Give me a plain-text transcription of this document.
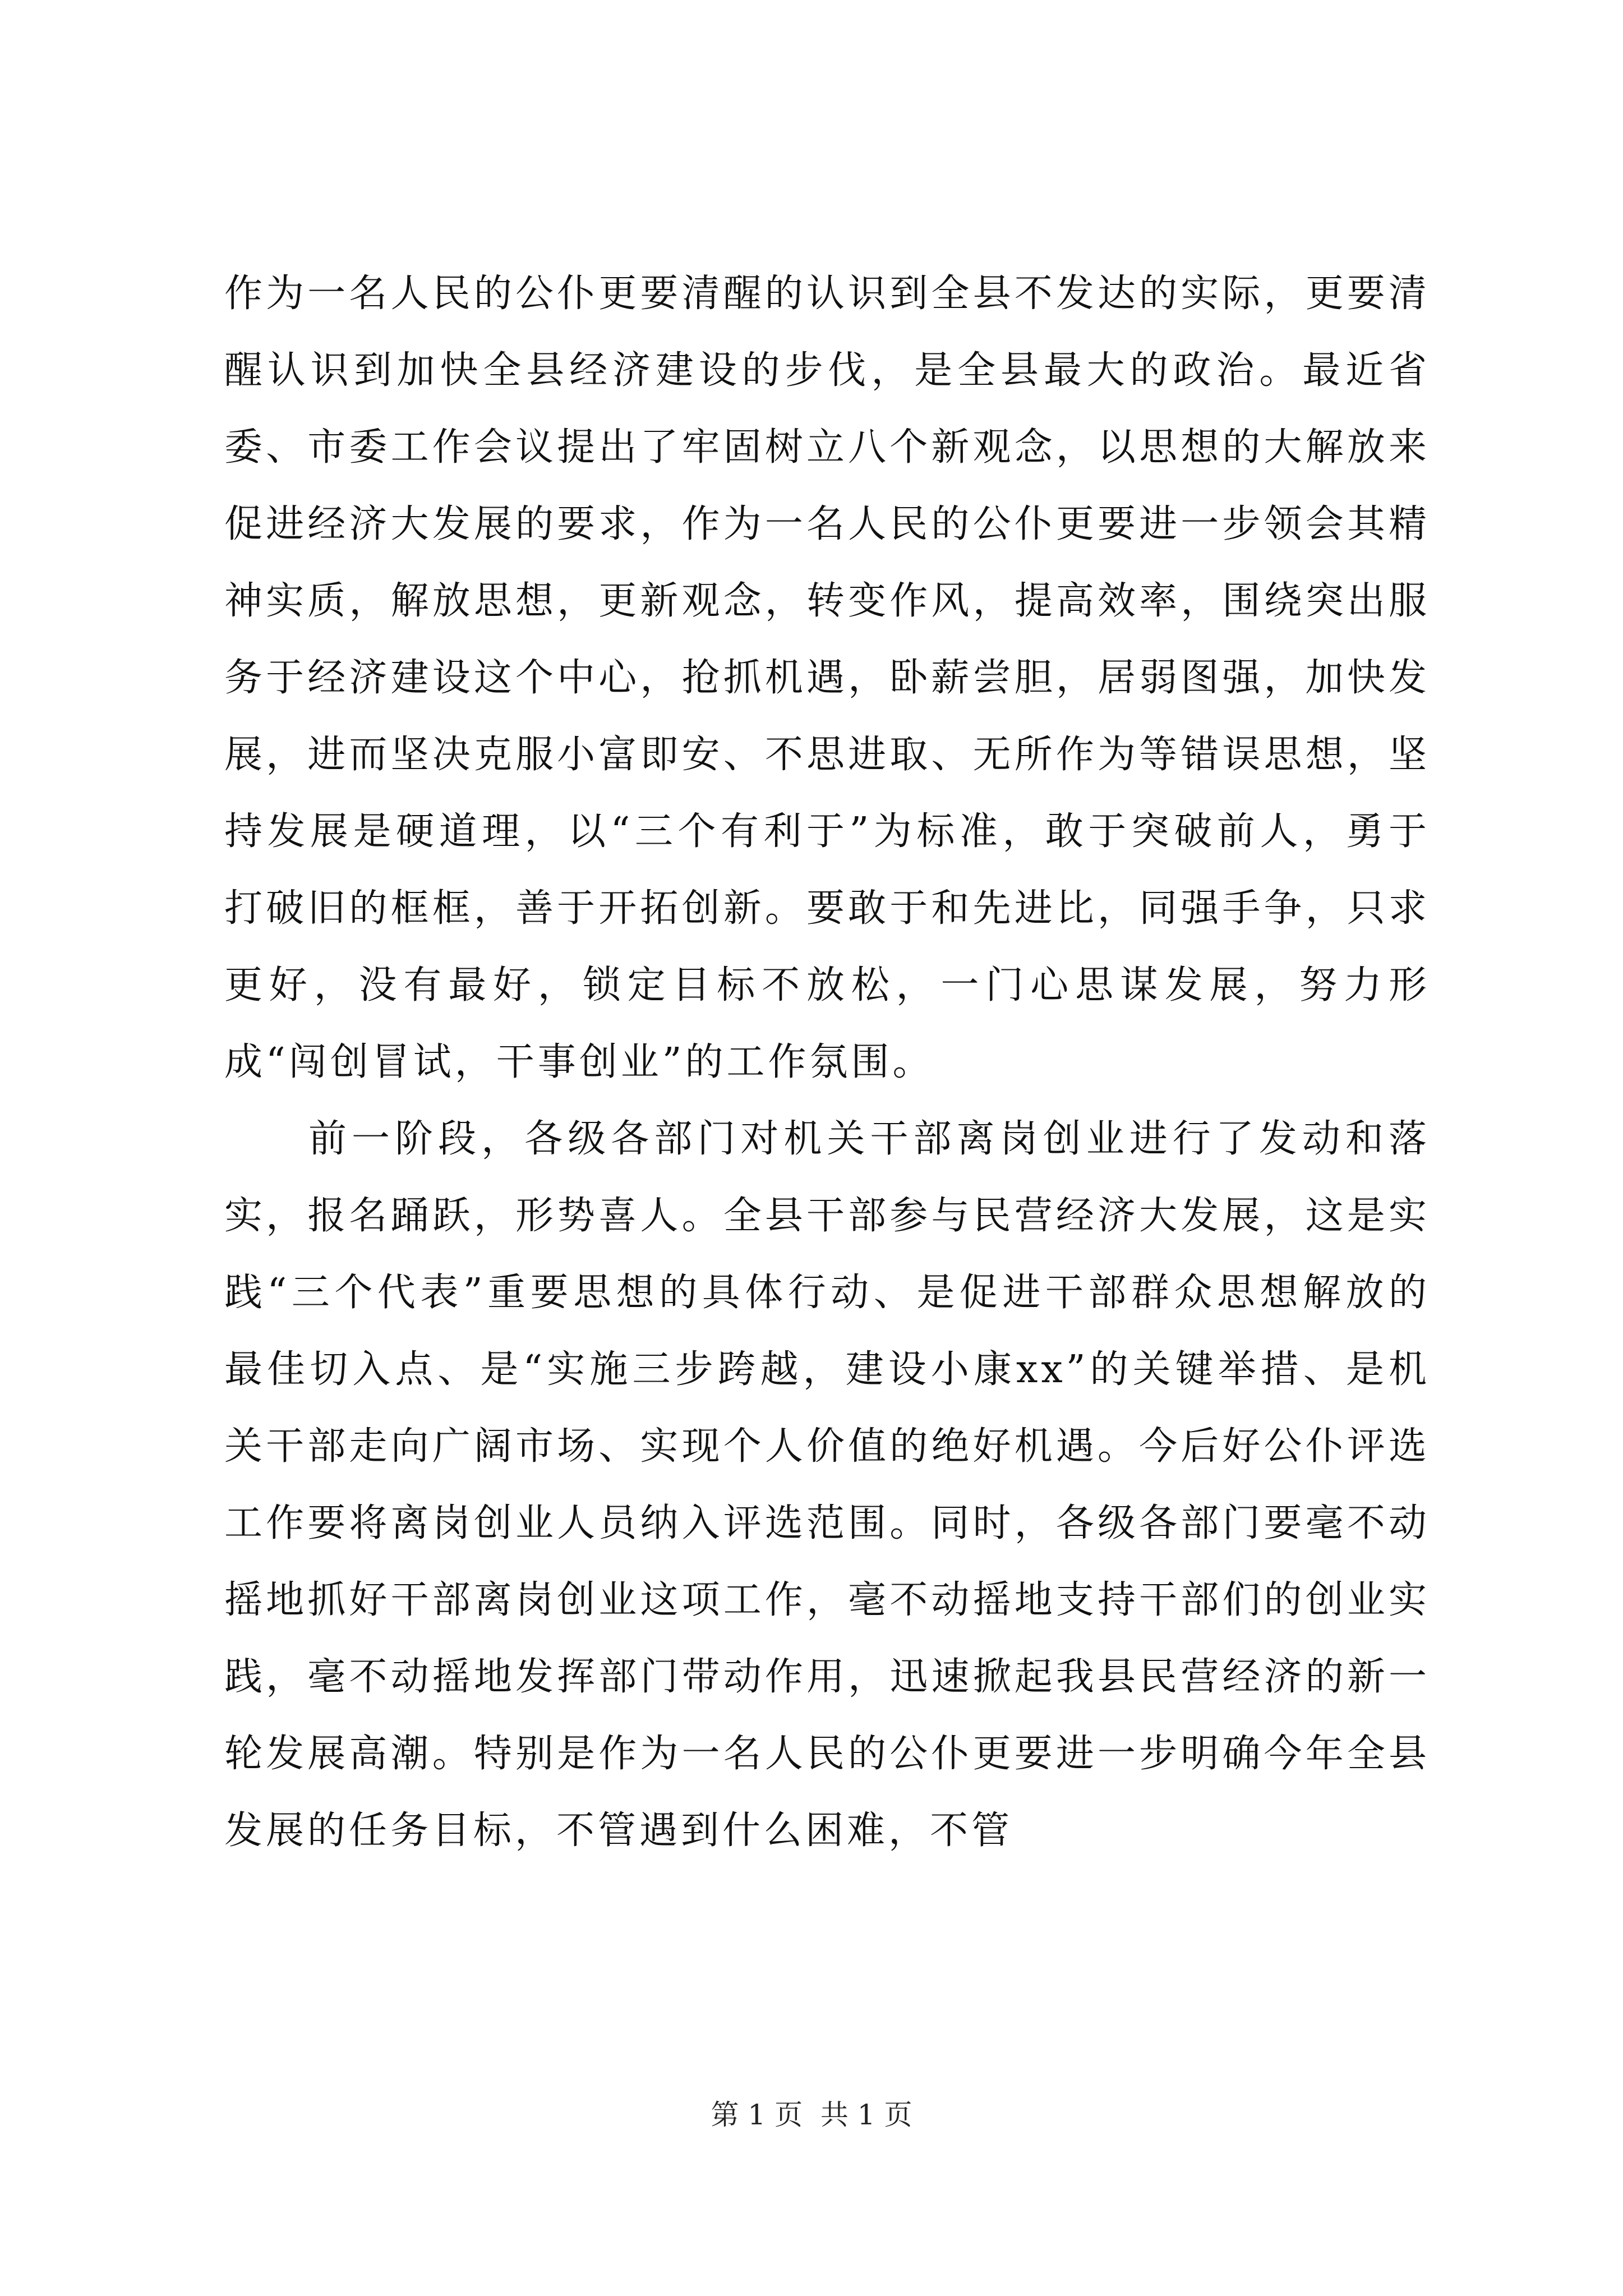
作为一名人民的公仆更要清醒的认识到全县不发达的实际，更要清醒认识到加快全县经济建设的步伐，是全县最大的政治。最近省委、市委工作会议提出了牢固树立八个新观念，以思想的大解放来促进经济大发展的要求，作为一名人民的公仆更要进一步领会其精神实质，解放思想，更新观念，转变作风，提高效率，围绕突出服务于经济建设这个中心，抢抓机遇，卧薪尝胆，居弱图强，加快发展，进而坚决克服小富即安、不思进取、无所作为等错误思想，坚持发展是硬道理，以“三个有利于”为标准，敢于突破前人，勇于打破旧的框框，善于开拓创新。要敢于和先进比，同强手争，只求更好，没有最好，锁定目标不放松，一门心思谋发展，努力形成“闯创冒试，干事创业”的工作氛围。

前一阶段，各级各部门对机关干部离岗创业进行了发动和落实，报名踊跃，形势喜人。全县干部参与民营经济大发展，这是实践“三个代表”重要思想的具体行动、是促进干部群众思想解放的最佳切入点、是“实施三步跨越，建设小康xx”的关键举措、是机关干部走向广阔市场、实现个人价值的绝好机遇。今后好公仆评选工作要将离岗创业人员纳入评选范围。同时，各级各部门要毫不动摇地抓好干部离岗创业这项工作，毫不动摇地支持干部们的创业实践，毫不动摇地发挥部门带动作用，迅速掀起我县民营经济的新一轮发展高潮。特别是作为一名人民的公仆更要进一步明确今年全县发展的任务目标，不管遇到什么困难，不管

第 1 页  共 1 页
